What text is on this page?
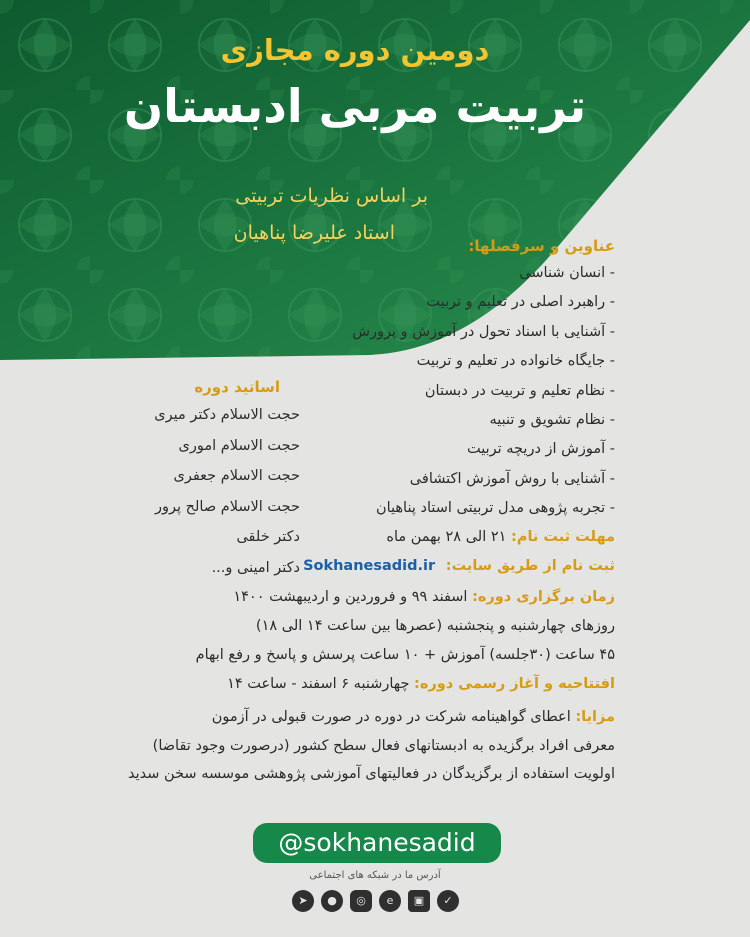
دومین دوره مجازی
تربیت مربی ادبستان
بر اساس نظریات تربیتی
استاد علیرضا پناهیان
عناوین و سرفصلها:
- انسان شناسی
- راهبرد اصلی در تعلیم و تربیت
- آشنایی با اسناد تحول در آموزش و پرورش
- جایگاه خانواده در تعلیم و تربیت
- نظام تعلیم و تربیت در دبستان
- نظام تشویق و تنبیه
- آموزش از دریچه تربیت
- آشنایی با روش آموزش اکتشافی
- تجربه پژوهی مدل تربیتی استاد پناهیان
اساتید دوره
حجت الاسلام دکتر میری
حجت الاسلام اموری
حجت الاسلام جعفری
حجت الاسلام صالح پرور
دکتر خلقی
دکتر امینی و...
مهلت ثبت نام: ۲۱ الی ۲۸ بهمن ماه
ثبت نام از طریق سایت: Sokhanesadid.ir
زمان برگزاری دوره: اسفند ۹۹ و فروردین و اردیبهشت ۱۴۰۰
روزهای چهارشنبه و پنجشنبه (عصرها بین ساعت ۱۴ الی ۱۸)
۴۵ ساعت (۳۰جلسه) آموزش + ۱۰ ساعت پرسش و پاسخ و رفع ابهام
افتتاحیه و آغاز رسمی دوره: چهارشنبه ۶ اسفند - ساعت ۱۴
مزایا: اعطای گواهینامه شرکت در دوره در صورت قبولی در آزمون
معرفی افراد برگزیده به ادبستانهای فعال سطح کشور (درصورت وجود تقاضا)
اولویت استفاده از برگزیدگان در فعالیتهای آموزشی پژوهشی موسسه سخن سدید
@sokhanesadid
آدرس ما در شبکه های اجتماعی
➤	●	◎	e	▣	✓
